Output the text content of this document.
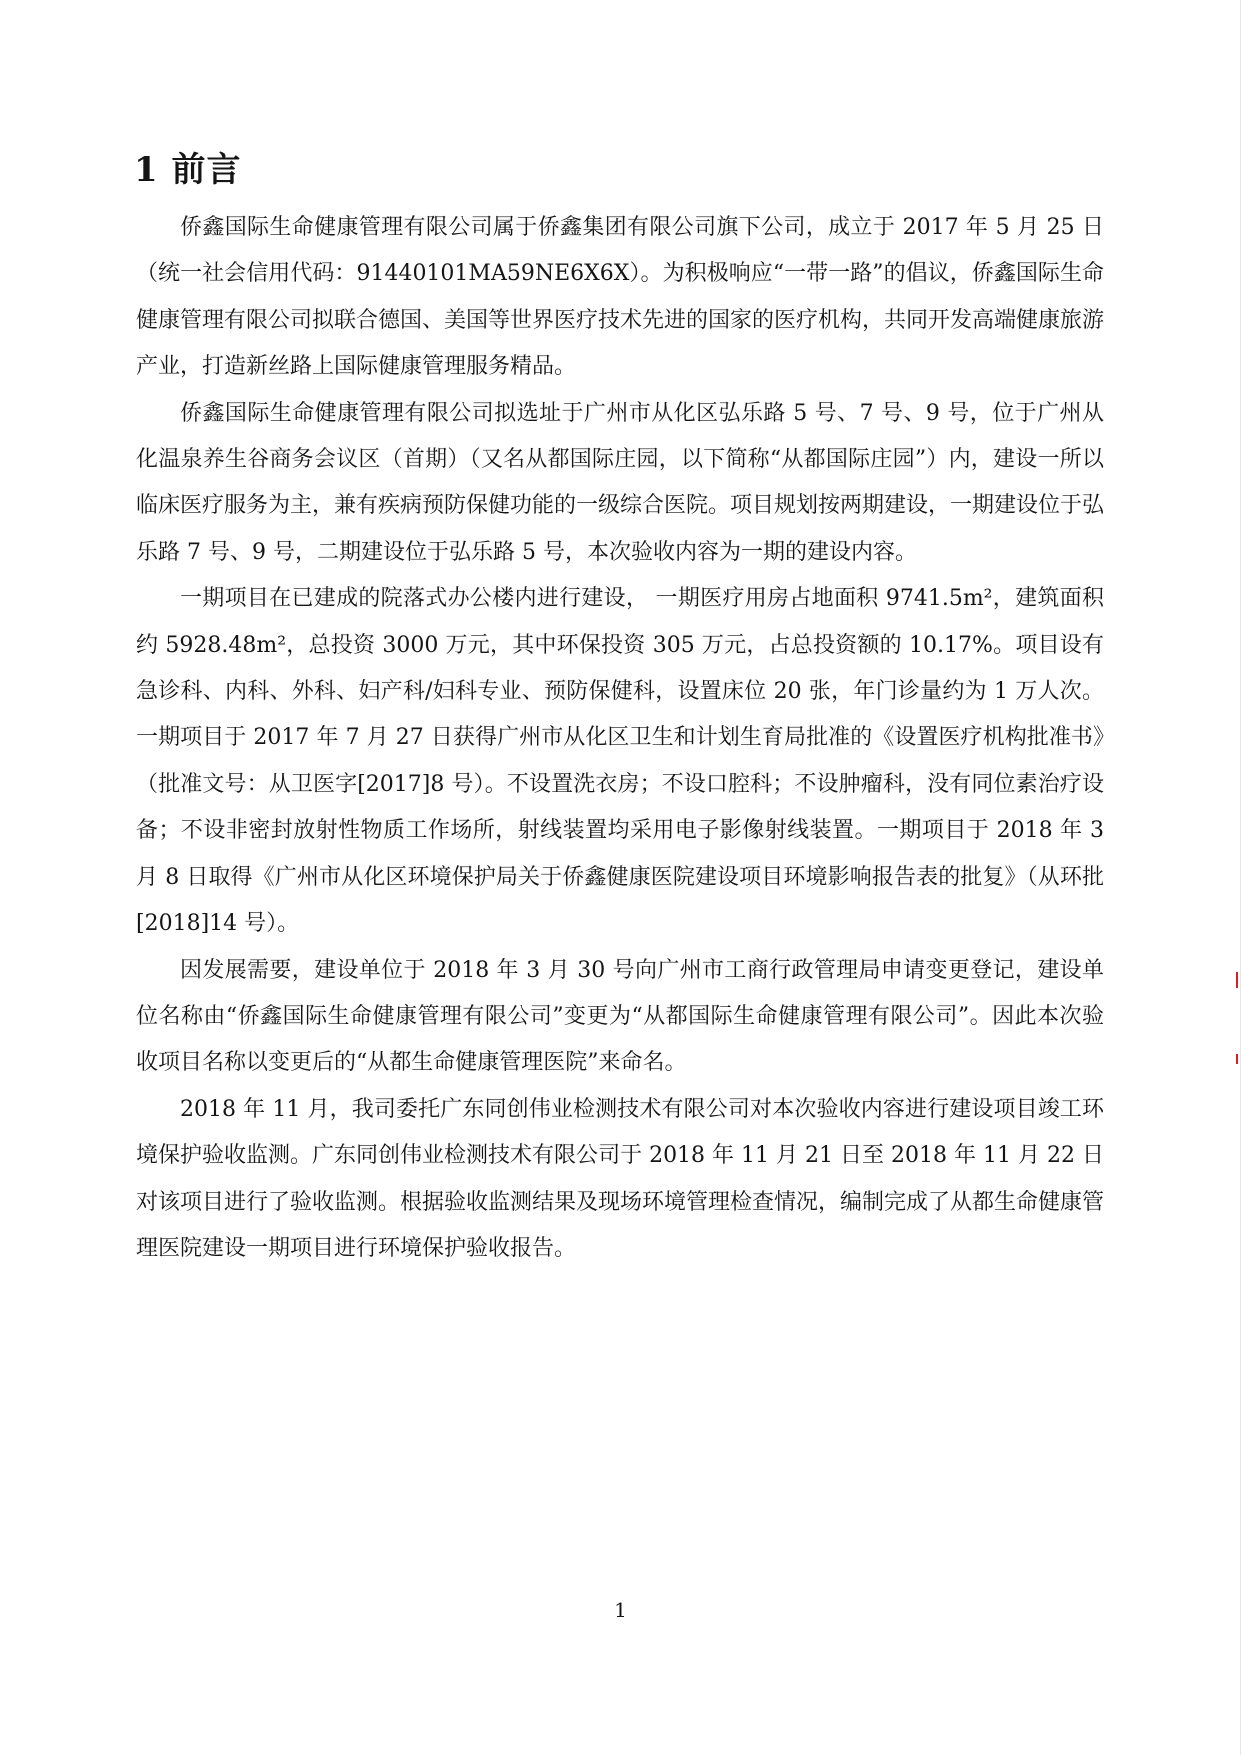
1 前言

侨鑫国际生命健康管理有限公司属于侨鑫集团有限公司旗下公司，成立于 2017 年 5 月 25 日（统一社会信用代码：91440101MA59NE6X6X）。为积极响应“一带一路”的倡议，侨鑫国际生命健康管理有限公司拟联合德国、美国等世界医疗技术先进的国家的医疗机构，共同开发高端健康旅游产业，打造新丝路上国际健康管理服务精品。

侨鑫国际生命健康管理有限公司拟选址于广州市从化区弘乐路 5 号、7 号、9 号，位于广州从化温泉养生谷商务会议区（首期）（又名从都国际庄园，以下简称“从都国际庄园”）内，建设一所以临床医疗服务为主，兼有疾病预防保健功能的一级综合医院。项目规划按两期建设，一期建设位于弘乐路 7 号、9 号，二期建设位于弘乐路 5 号，本次验收内容为一期的建设内容。

一期项目在已建成的院落式办公楼内进行建设， 一期医疗用房占地面积 9741.5m²，建筑面积约 5928.48m²，总投资 3000 万元，其中环保投资 305 万元，占总投资额的 10.17%。项目设有急诊科、内科、外科、妇产科/妇科专业、预防保健科，设置床位 20 张，年门诊量约为 1 万人次。一期项目于 2017 年 7 月 27 日获得广州市从化区卫生和计划生育局批准的《设置医疗机构批准书》（批准文号：从卫医字[2017]8 号）。不设置洗衣房；不设口腔科；不设肿瘤科，没有同位素治疗设备；不设非密封放射性物质工作场所，射线装置均采用电子影像射线装置。一期项目于 2018 年 3 月 8 日取得《广州市从化区环境保护局关于侨鑫健康医院建设项目环境影响报告表的批复》（从环批[2018]14 号）。

因发展需要，建设单位于 2018 年 3 月 30 号向广州市工商行政管理局申请变更登记，建设单位名称由“侨鑫国际生命健康管理有限公司”变更为“从都国际生命健康管理有限公司”。因此本次验收项目名称以变更后的“从都生命健康管理医院”来命名。

2018 年 11 月，我司委托广东同创伟业检测技术有限公司对本次验收内容进行建设项目竣工环境保护验收监测。广东同创伟业检测技术有限公司于 2018 年 11 月 21 日至 2018 年 11 月 22 日对该项目进行了验收监测。根据验收监测结果及现场环境管理检查情况，编制完成了从都生命健康管理医院建设一期项目进行环境保护验收报告。

1
